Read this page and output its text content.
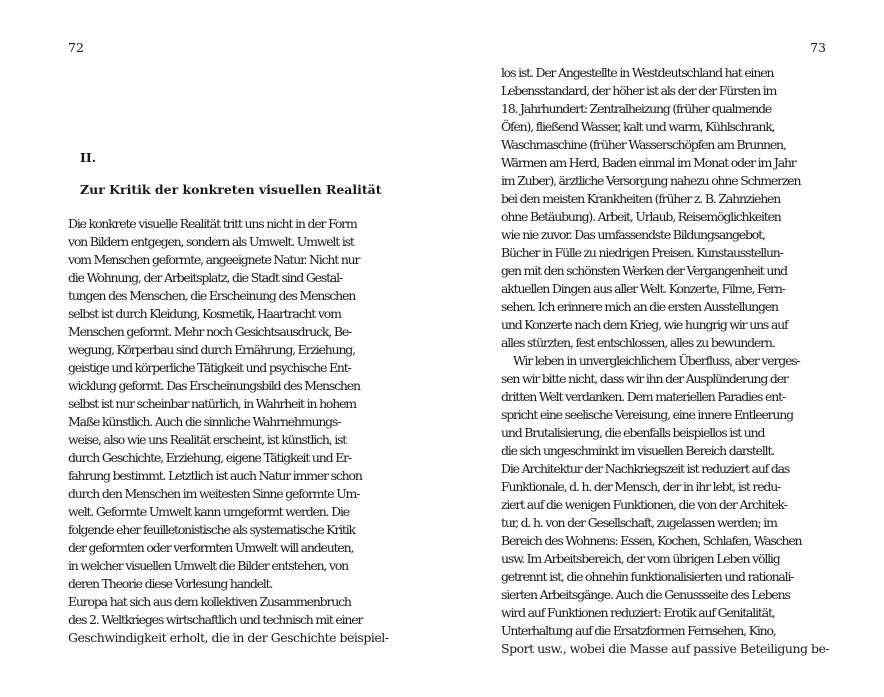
72
II.
Zur Kritik der konkreten visuellen Realität
Die konkrete visuelle Realität tritt uns nicht in der Form
von Bildern entgegen, sondern als Umwelt. Umwelt ist
vom Menschen geformte, angeeignete Natur. Nicht nur
die Wohnung, der Arbeitsplatz, die Stadt sind Gestal-
tungen des Menschen, die Erscheinung des Menschen
selbst ist durch Kleidung, Kosmetik, Haartracht vom
Menschen geformt. Mehr noch Gesichtsausdruck, Be-
wegung, Körperbau sind durch Ernährung, Erziehung,
geistige und körperliche Tätigkeit und psychische Ent-
wicklung geformt. Das Erscheinungsbild des Menschen
selbst ist nur scheinbar natürlich, in Wahrheit in hohem
Maße künstlich. Auch die sinnliche Wahrnehmungs-
weise, also wie uns Realität erscheint, ist künstlich, ist
durch Geschichte, Erziehung, eigene Tätigkeit und Er-
fahrung bestimmt. Letztlich ist auch Natur immer schon
durch den Menschen im weitesten Sinne geformte Um-
welt. Geformte Umwelt kann umgeformt werden. Die
folgende eher feuilletonistische als systematische Kritik
der geformten oder verformten Umwelt will andeuten,
in welcher visuellen Umwelt die Bilder entstehen, von
deren Theorie diese Vorlesung handelt.
Europa hat sich aus dem kollektiven Zusammenbruch
des 2. Weltkrieges wirtschaftlich und technisch mit einer
Geschwindigkeit erholt, die in der Geschichte beispiel-
73
los ist. Der Angestellte in Westdeutschland hat einen
Lebensstandard, der höher ist als der der Fürsten im
18. Jahrhundert: Zentralheizung (früher qualmende
Öfen), fließend Wasser, kalt und warm, Kühlschrank,
Waschmaschine (früher Wasserschöpfen am Brunnen,
Wärmen am Herd, Baden einmal im Monat oder im Jahr
im Zuber), ärztliche Versorgung nahezu ohne Schmerzen
bei den meisten Krankheiten (früher z. B. Zahnziehen
ohne Betäubung). Arbeit, Urlaub, Reisemöglichkeiten
wie nie zuvor. Das umfassendste Bildungsangebot,
Bücher in Fülle zu niedrigen Preisen. Kunstausstellun-
gen mit den schönsten Werken der Vergangenheit und
aktuellen Dingen aus aller Welt. Konzerte, Filme, Fern-
sehen. Ich erinnere mich an die ersten Ausstellungen
und Konzerte nach dem Krieg, wie hungrig wir uns auf
alles stürzten, fest entschlossen, alles zu bewundern.
Wir leben in unvergleichlichem Überfluss, aber verges-
sen wir bitte nicht, dass wir ihn der Ausplünderung der
dritten Welt verdanken. Dem materiellen Paradies ent-
spricht eine seelische Vereisung, eine innere Entleerung
und Brutalisierung, die ebenfalls beispiellos ist und
die sich ungeschminkt im visuellen Bereich darstellt.
Die Architektur der Nachkriegszeit ist reduziert auf das
Funktionale, d. h. der Mensch, der in ihr lebt, ist redu-
ziert auf die wenigen Funktionen, die von der Architek-
tur, d. h. von der Gesellschaft, zugelassen werden; im
Bereich des Wohnens: Essen, Kochen, Schlafen, Waschen
usw. Im Arbeitsbereich, der vom übrigen Leben völlig
getrennt ist, die ohnehin funktionalisierten und rationali-
sierten Arbeitsgänge. Auch die Genussseite des Lebens
wird auf Funktionen reduziert: Erotik auf Genitalität,
Unterhaltung auf die Ersatzformen Fernsehen, Kino,
Sport usw., wobei die Masse auf passive Beteiligung be-
